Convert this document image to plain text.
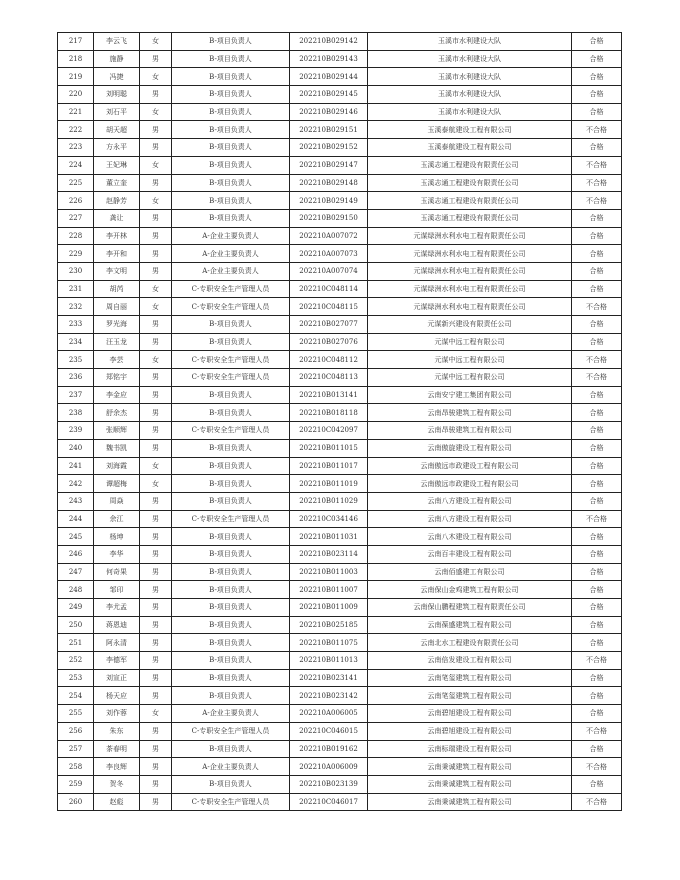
217	李云飞	女	B-项目负责人	202210B029142	玉溪市水利建设大队	合格
218	施静	男	B-项目负责人	202210B029143	玉溪市水利建设大队	合格
219	冯捷	女	B-项目负责人	202210B029144	玉溪市水利建设大队	合格
220	刘明聪	男	B-项目负责人	202210B029145	玉溪市水利建设大队	合格
221	刘石平	女	B-项目负责人	202210B029146	玉溪市水利建设大队	合格
222	胡天超	男	B-项目负责人	202210B029151	玉溪泰航建设工程有限公司	不合格
223	方永平	男	B-项目负责人	202210B029152	玉溪泰航建设工程有限公司	合格
224	王妃琳	女	B-项目负责人	202210B029147	玉溪志通工程建设有限责任公司	不合格
225	董立奎	男	B-项目负责人	202210B029148	玉溪志通工程建设有限责任公司	不合格
226	赵静芳	女	B-项目负责人	202210B029149	玉溪志通工程建设有限责任公司	不合格
227	龚让	男	B-项目负责人	202210B029150	玉溪志通工程建设有限责任公司	合格
228	李开林	男	A-企业主要负责人	202210A007072	元谋绿洲水利水电工程有限责任公司	合格
229	李开和	男	A-企业主要负责人	202210A007073	元谋绿洲水利水电工程有限责任公司	合格
230	李文明	男	A-企业主要负责人	202210A007074	元谋绿洲水利水电工程有限责任公司	合格
231	胡芮	女	C-专职安全生产管理人员	202210C048114	元谋绿洲水利水电工程有限责任公司	合格
232	周自丽	女	C-专职安全生产管理人员	202210C048115	元谋绿洲水利水电工程有限责任公司	不合格
233	罗光海	男	B-项目负责人	202210B027077	元谋新兴建设有限责任公司	合格
234	汪玉龙	男	B-项目负责人	202210B027076	元谋中远工程有限公司	合格
235	李芸	女	C-专职安全生产管理人员	202210C048112	元谋中远工程有限公司	不合格
236	郑铭宇	男	C-专职安全生产管理人员	202210C048113	元谋中远工程有限公司	不合格
237	李金应	男	B-项目负责人	202210B013141	云南安宁建工集团有限公司	合格
238	舒余杰	男	B-项目负责人	202210B018118	云南昂骏建筑工程有限公司	合格
239	张顺辉	男	C-专职安全生产管理人员	202210C042097	云南昂骏建筑工程有限公司	合格
240	魏书凯	男	B-项目负责人	202210B011015	云南傲旋建设工程有限公司	合格
241	刘海霞	女	B-项目负责人	202210B011017	云南傲远市政建设工程有限公司	合格
242	谭超梅	女	B-项目负责人	202210B011019	云南傲远市政建设工程有限公司	合格
243	周焱	男	B-项目负责人	202210B011029	云南八方建设工程有限公司	合格
244	余江	男	C-专职安全生产管理人员	202210C034146	云南八方建设工程有限公司	不合格
245	杨坤	男	B-项目负责人	202210B011031	云南八木建设工程有限公司	合格
246	李华	男	B-项目负责人	202210B023114	云南百丰建设工程有限公司	合格
247	何奇果	男	B-项目负责人	202210B011003	云南佰盛建工有限公司	合格
248	邹印	男	B-项目负责人	202210B011007	云南保山金鸡建筑工程有限公司	合格
249	李尤孟	男	B-项目负责人	202210B011009	云南保山鹏程建筑工程有限责任公司	合格
250	蒋恩迪	男	B-项目负责人	202210B025185	云南葆盛建筑工程有限公司	合格
251	阿永清	男	B-项目负责人	202210B011075	云南北水工程建设有限责任公司	合格
252	李德军	男	B-项目负责人	202210B011013	云南倍发建设工程有限公司	不合格
253	刘宣正	男	B-项目负责人	202210B023141	云南笔玺建筑工程有限公司	合格
254	杨天应	男	B-项目负责人	202210B023142	云南笔玺建筑工程有限公司	合格
255	刘作蓉	女	A-企业主要负责人	202210A006005	云南碧旭建设工程有限公司	合格
256	朱东	男	C-专职安全生产管理人员	202210C046015	云南碧旭建设工程有限公司	不合格
257	茶春明	男	B-项目负责人	202210B019162	云南标瑞建设工程有限公司	合格
258	李良辉	男	A-企业主要负责人	202210A006009	云南秉诚建筑工程有限公司	不合格
259	贺冬	男	B-项目负责人	202210B023139	云南秉诚建筑工程有限公司	合格
260	赵彪	男	C-专职安全生产管理人员	202210C046017	云南秉诚建筑工程有限公司	不合格
